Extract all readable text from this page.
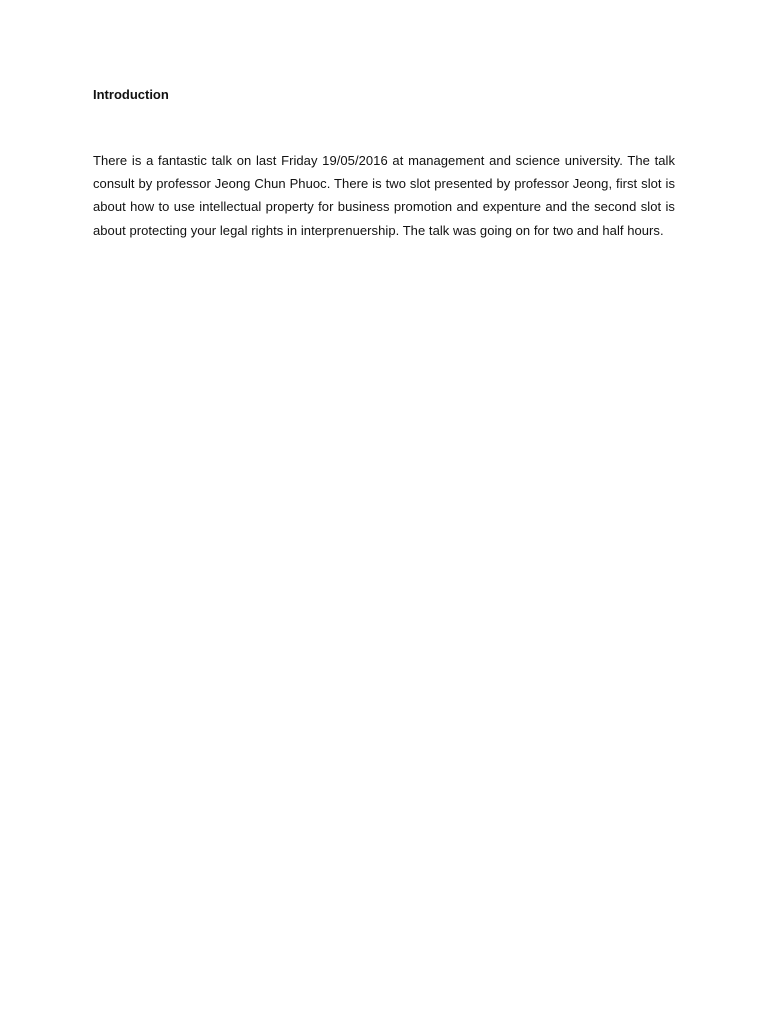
Introduction

There is a fantastic talk on last Friday 19/05/2016 at management and science university. The talk consult by professor Jeong Chun Phuoc. There is two slot presented by professor Jeong, first slot is about how to use intellectual property for business promotion and expenture and the second slot is about protecting your legal rights in interprenuership. The talk was going on for two and half hours.
